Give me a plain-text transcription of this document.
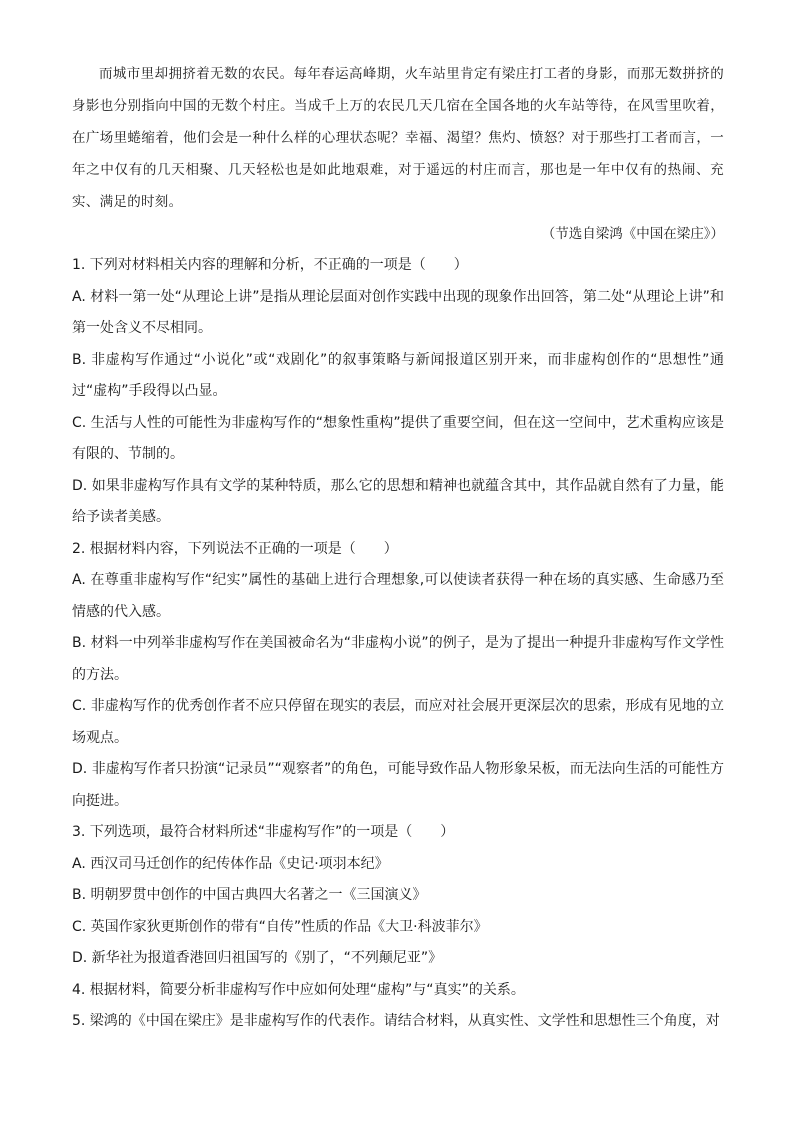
而城市里却拥挤着无数的农民。每年春运高峰期，火车站里肯定有梁庄打工者的身影，而那无数拼挤的身影也分别指向中国的无数个村庄。当成千上万的农民几天几宿在全国各地的火车站等待，在风雪里吹着，在广场里蜷缩着，他们会是一种什么样的心理状态呢？幸福、渴望？焦灼、愤怒？对于那些打工者而言，一年之中仅有的几天相聚、几天轻松也是如此地艰难，对于遥远的村庄而言，那也是一年中仅有的热闹、充实、满足的时刻。

（节选自梁鸿《中国在梁庄》）

1. 下列对材料相关内容的理解和分析，不正确的一项是（　　）

A. 材料一第一处“从理论上讲”是指从理论层面对创作实践中出现的现象作出回答，第二处“从理论上讲”和第一处含义不尽相同。

B. 非虚构写作通过“小说化”或“戏剧化”的叙事策略与新闻报道区别开来，而非虚构创作的“思想性”通过“虚构”手段得以凸显。

C. 生活与人性的可能性为非虚构写作的“想象性重构”提供了重要空间，但在这一空间中，艺术重构应该是有限的、节制的。

D. 如果非虚构写作具有文学的某种特质，那么它的思想和精神也就蕴含其中，其作品就自然有了力量，能给予读者美感。

2. 根据材料内容，下列说法不正确的一项是（　　）

A. 在尊重非虚构写作“纪实”属性的基础上进行合理想象,可以使读者获得一种在场的真实感、生命感乃至情感的代入感。

B. 材料一中列举非虚构写作在美国被命名为“非虚构小说”的例子，是为了提出一种提升非虚构写作文学性的方法。

C. 非虚构写作的优秀创作者不应只停留在现实的表层，而应对社会展开更深层次的思索，形成有见地的立场观点。

D. 非虚构写作者只扮演“记录员”“观察者”的角色，可能导致作品人物形象呆板，而无法向生活的可能性方向挺进。

3. 下列选项，最符合材料所述“非虚构写作”的一项是（　　）

A. 西汉司马迁创作的纪传体作品《史记·项羽本纪》

B. 明朝罗贯中创作的中国古典四大名著之一《三国演义》

C. 英国作家狄更斯创作的带有“自传”性质的作品《大卫·科波菲尔》

D. 新华社为报道香港回归祖国写的《别了，“不列颠尼亚”》

4. 根据材料，简要分析非虚构写作中应如何处理“虚构”与“真实”的关系。

5. 梁鸿的《中国在梁庄》是非虚构写作的代表作。请结合材料，从真实性、文学性和思想性三个角度，对
